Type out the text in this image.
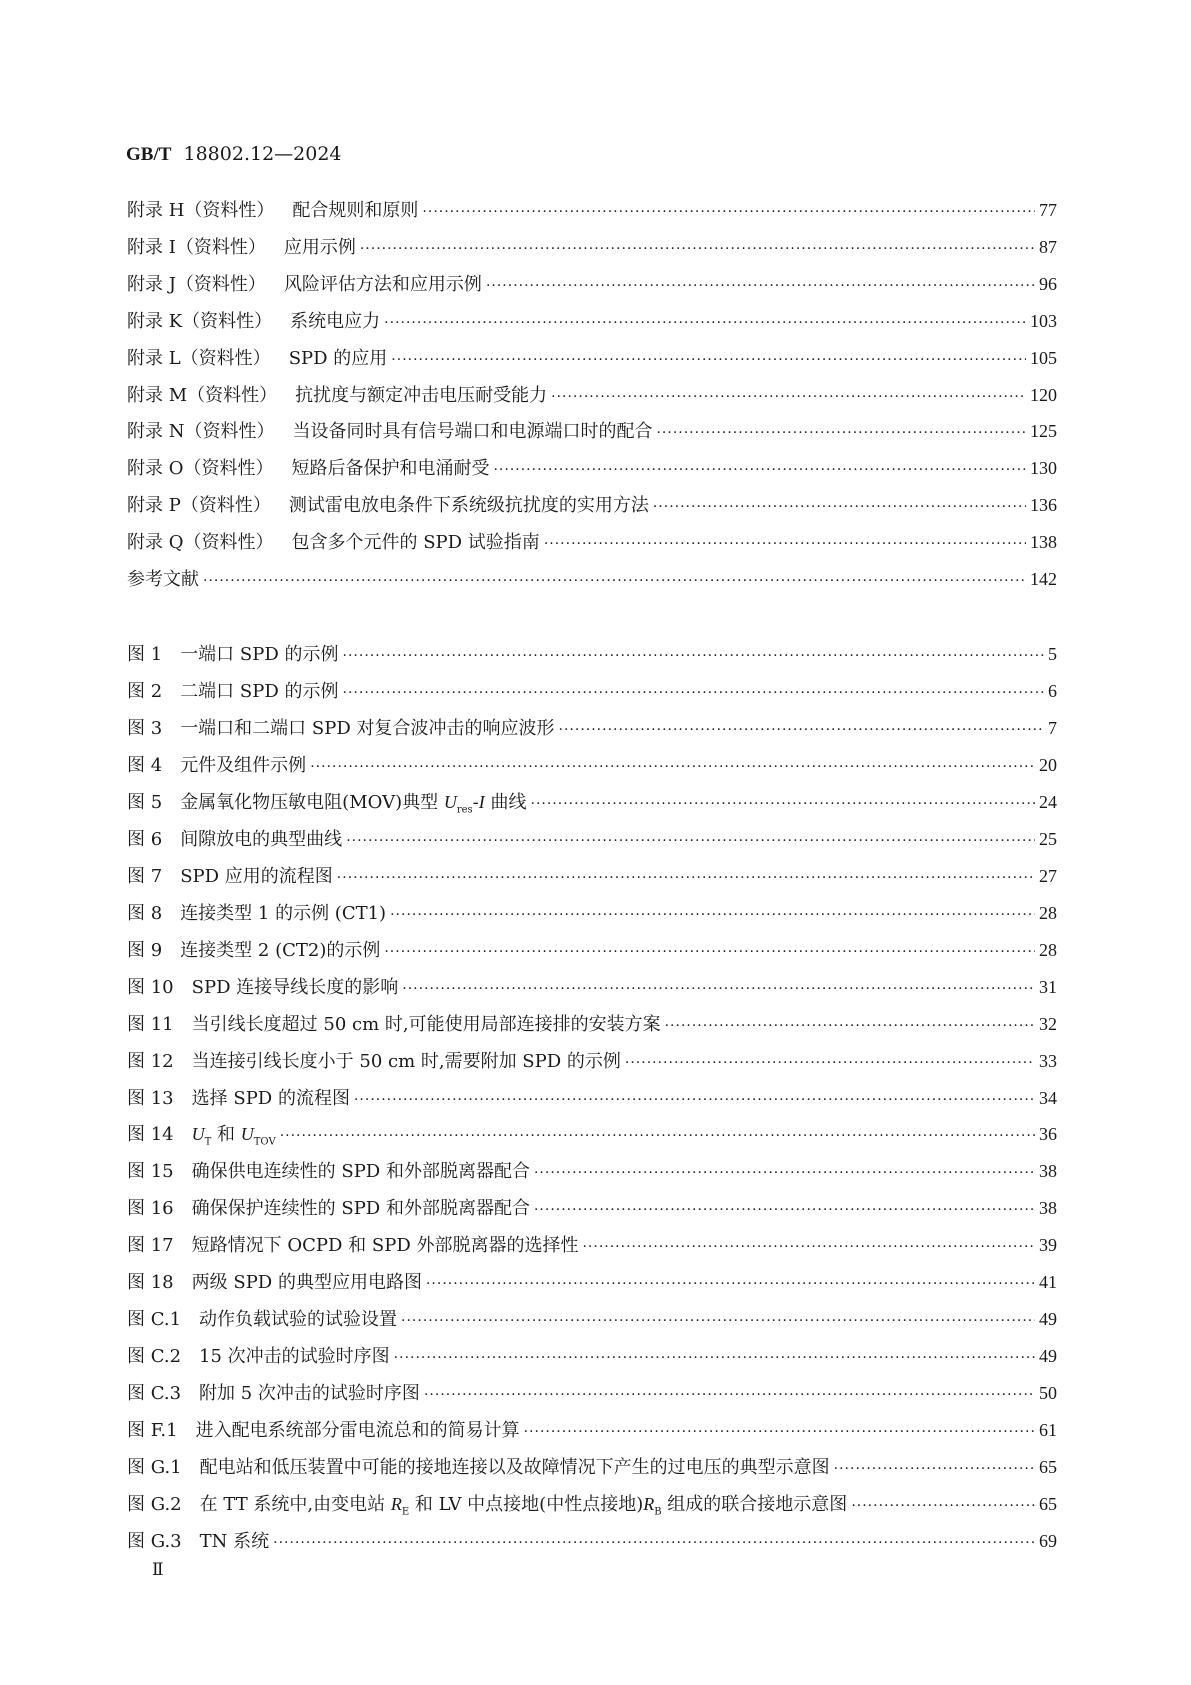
GB/T 18802.12—2024
附录 H（资料性） 配合规则和原则 ·····	77
附录 I（资料性） 应用示例 ·····	87
附录 J（资料性） 风险评估方法和应用示例 ·····	96
附录 K（资料性） 系统电应力 ·····	103
附录 L（资料性） SPD 的应用 ·····	105
附录 M（资料性） 抗扰度与额定冲击电压耐受能力 ·····	120
附录 N（资料性） 当设备同时具有信号端口和电源端口时的配合 ·····	125
附录 O（资料性） 短路后备保护和电涌耐受 ·····	130
附录 P（资料性） 测试雷电放电条件下系统级抗扰度的实用方法 ·····	136
附录 Q（资料性） 包含多个元件的 SPD 试验指南 ·····	138
参考文献 ·····	142
图 1 一端口 SPD 的示例 ·····	5
图 2 二端口 SPD 的示例 ·····	6
图 3 一端口和二端口 SPD 对复合波冲击的响应波形 ·····	7
图 4 元件及组件示例 ·····	20
图 5 金属氧化物压敏电阻(MOV)典型 $U_{res}-I$ 曲线 ·····	24
图 6 间隙放电的典型曲线 ·····	25
图 7 SPD 应用的流程图 ·····	27
图 8 连接类型 1 的示例 (CT1) ·····	28
图 9 连接类型 2 (CT2)的示例 ·····	28
图 10 SPD 连接导线长度的影响 ·····	31
图 11 当引线长度超过 50 cm 时,可能使用局部连接排的安装方案 ·····	32
图 12 当连接引线长度小于 50 cm 时,需要附加 SPD 的示例 ·····	33
图 13 选择 SPD 的流程图 ·····	34
图 14 $U_T$ 和 $U_{TOV}$ ·····	36
图 15 确保供电连续性的 SPD 和外部脱离器配合 ·····	38
图 16 确保保护连续性的 SPD 和外部脱离器配合 ·····	38
图 17 短路情况下 OCPD 和 SPD 外部脱离器的选择性 ·····	39
图 18 两级 SPD 的典型应用电路图 ·····	41
图 C.1 动作负载试验的试验设置 ·····	49
图 C.2 15 次冲击的试验时序图 ·····	49
图 C.3 附加 5 次冲击的试验时序图 ·····	50
图 F.1 进入配电系统部分雷电流总和的简易计算 ·····	61
图 G.1 配电站和低压装置中可能的接地连接以及故障情况下产生的过电压的典型示意图 ·····	65
图 G.2 在 TT 系统中,由变电站 $R_E$ 和 LV 中点接地(中性点接地)$R_B$ 组成的联合接地示意图 ·····	65
图 G.3 TN 系统 ·····	69
Ⅱ
